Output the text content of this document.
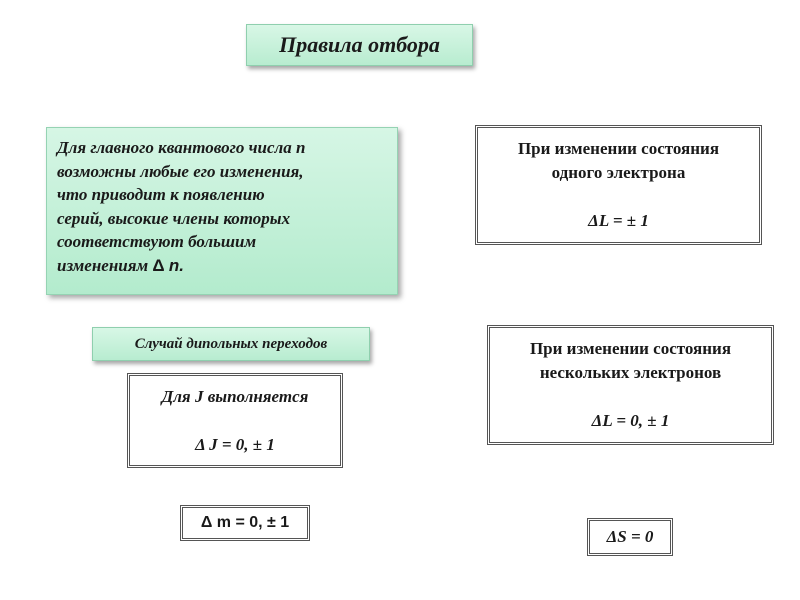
Правила отбора
Для главного квантового числа n
возможны любые его изменения,
что приводит к появлению
серий, высокие члены которых
соответствуют большим
изменениям Δ n.
Случай дипольных переходов
Для J выполняется
Δ J = 0, ± 1
Δ m = 0, ± 1
При изменении состояния
одного электрона
ΔL = ± 1
При изменении состояния
нескольких электронов
ΔL = 0, ± 1
ΔS = 0
